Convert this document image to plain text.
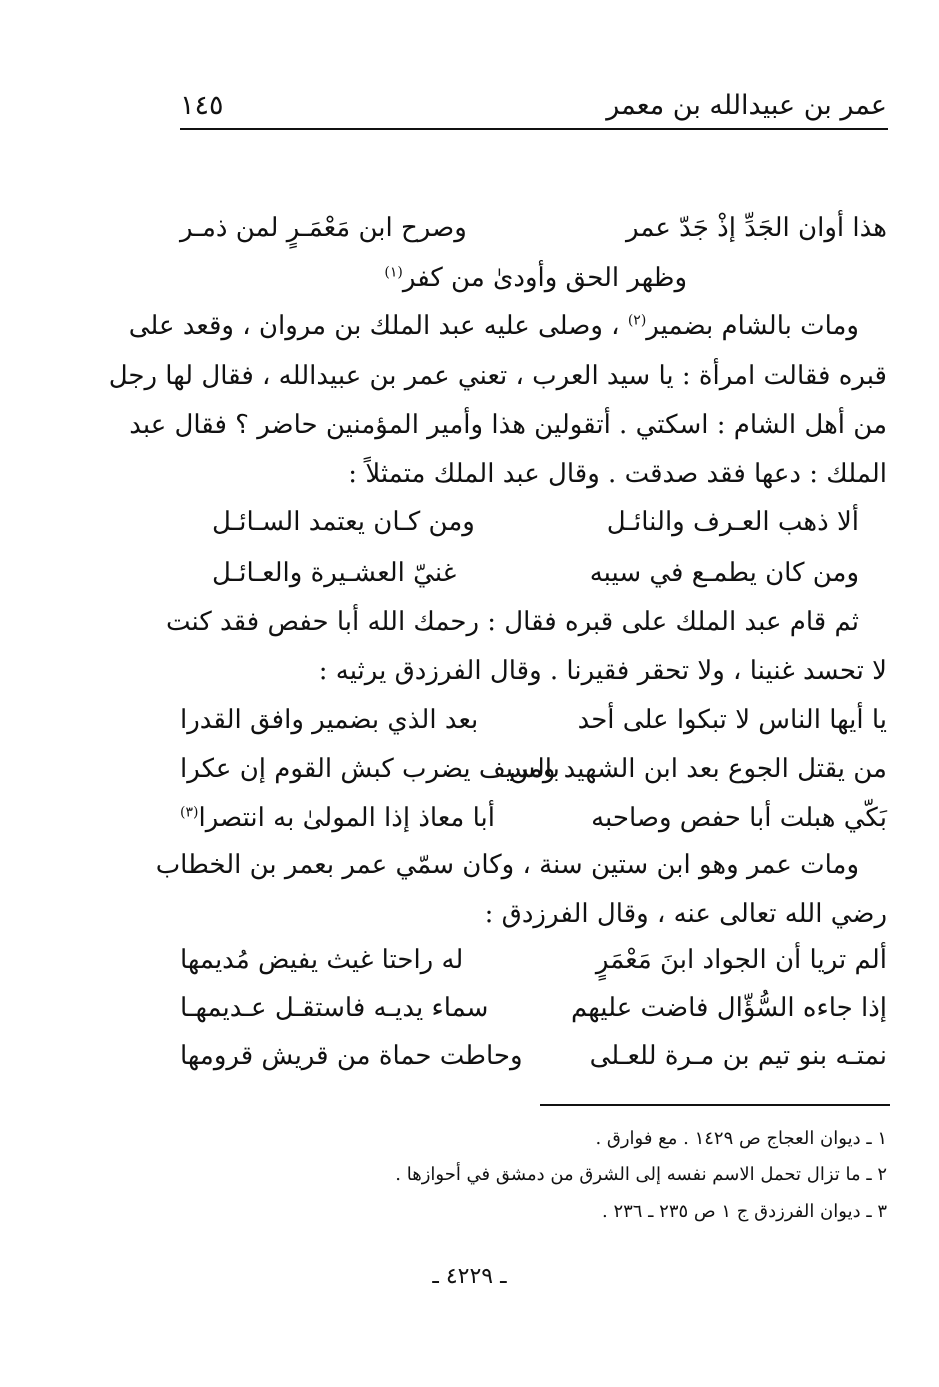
عمر بن عبيدالله بن معمر
١٤٥
هذا أوان الجَدِّ إذْ جَدّ عمر
وصرح ابن مَعْمَـرٍ لمن ذمـر
وظهر الحق وأودىٰ من كفر$^{(١)}$
ومات بالشام بضمير$^{(٢)}$ ، وصلى عليه عبد الملك بن مروان ، وقعد على
قبره فقالت امرأة : يا سيد العرب ، تعني عمر بن عبيدالله ، فقال لها رجل
من أهل الشام : اسكتي . أتقولين هذا وأمير المؤمنين حاضر ؟ فقال عبد
الملك : دعها فقد صدقت . وقال عبد الملك متمثلاً :
ألا ذهب العـرف والنائـل
ومن كـان يعتمد السـائـل
ومن كان يطمـع في سيبه
غنيّ العشـيرة والعـائـل
ثم قام عبد الملك على قبره فقال : رحمك الله أبا حفص فقد كنت
لا تحسد غنينا ، ولا تحقر فقيرنا . وقال الفرزدق يرثيه :
يا أيها الناس لا تبكوا على أحد
بعد الذي بضمير وافق القدرا
من يقتل الجوع بعد ابن الشهيد ومن
بالسيف يضرب كبش القوم إن عكرا
بَكّي هبلت أبا حفص وصاحبه
أبا معاذ إذا المولىٰ به انتصرا$^{(٣)}$
ومات عمر وهو ابن ستين سنة ، وكان سمّي عمر بعمر بن الخطاب
رضي الله تعالى عنه ، وقال الفرزدق :
ألم تريا أن الجواد ابنَ مَعْمَرٍ
له راحتا غيث يفيض مُديمها
إذا جاءه السُّؤّال فاضت عليهم
سماء يديـه فاستقـل عـديمهـا
نمتـه بنو تيم بن مـرة للعـلى
وحاطت حماة من قريش قرومها
١ ـ ديوان العجاج ص ١٤٢٩ . مع فوارق .
٢ ـ ما تزال تحمل الاسم نفسه إلى الشرق من دمشق في أحوازها .
٣ ـ ديوان الفرزدق ج ١ ص ٢٣٥ ـ ٢٣٦ .
ـ ٤٢٢٩ ـ
